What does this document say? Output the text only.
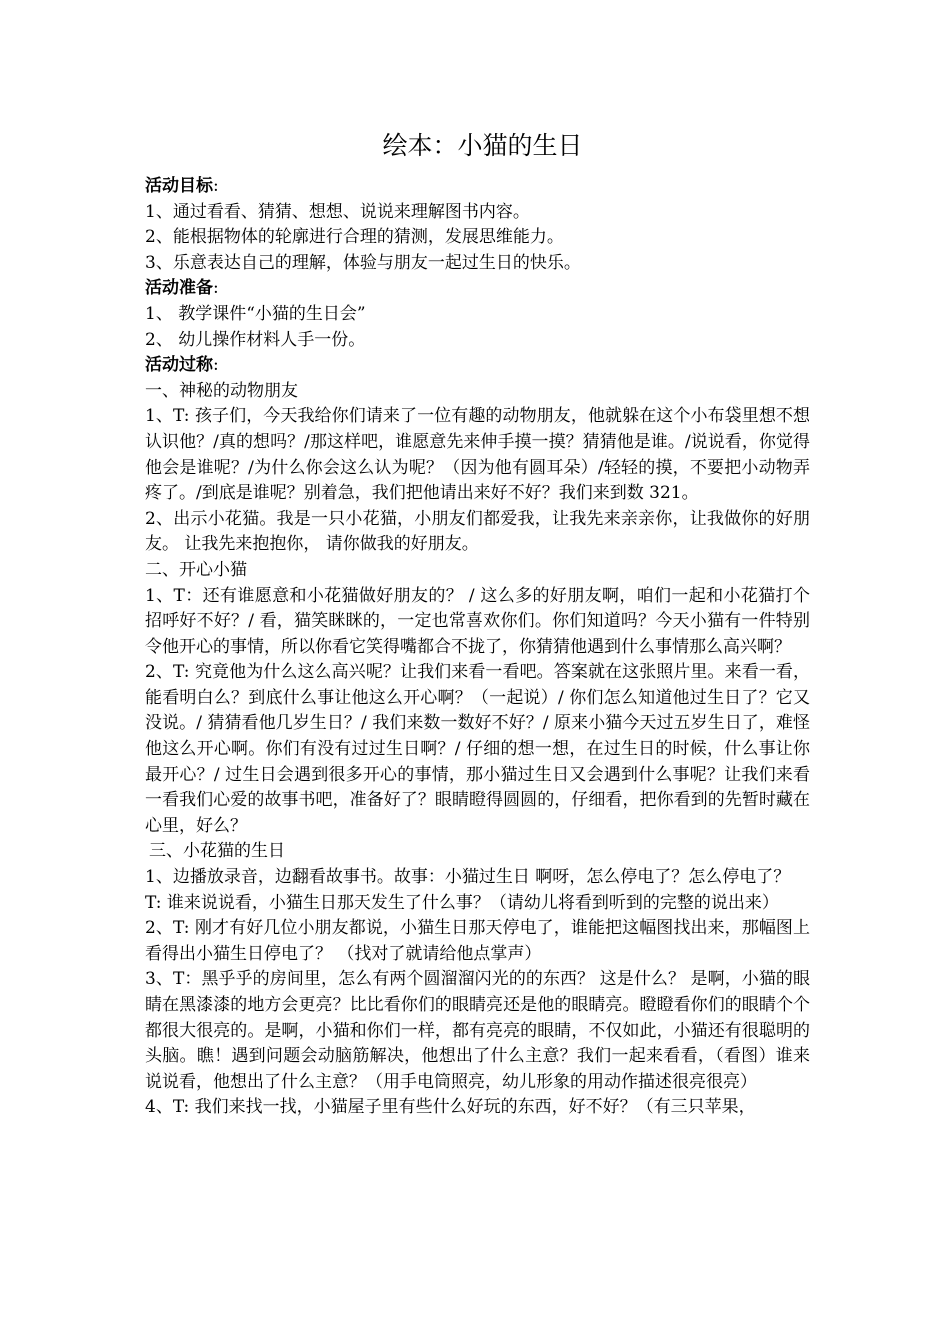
绘本：小猫的生日

活动目标:

1、通过看看、猜猜、想想、说说来理解图书内容。

2、能根据物体的轮廓进行合理的猜测，发展思维能力。

3、乐意表达自己的理解，体验与朋友一起过生日的快乐。

活动准备:

1、 教学课件“小猫的生日会”

2、 幼儿操作材料人手一份。

活动过称:

一、神秘的动物朋友

1、T: 孩子们，今天我给你们请来了一位有趣的动物朋友，他就躲在这个小布袋里想不想认识他？/真的想吗？/那这样吧，谁愿意先来伸手摸一摸？猜猜他是谁。/说说看，你觉得他会是谁呢？/为什么你会这么认为呢？（因为他有圆耳朵）/轻轻的摸，不要把小动物弄疼了。/到底是谁呢？别着急，我们把他请出来好不好？我们来到数 321。

2、出示小花猫。我是一只小花猫，小朋友们都爱我，让我先来亲亲你，让我做你的好朋友。 让我先来抱抱你， 请你做我的好朋友。

二、开心小猫

1、T：还有谁愿意和小花猫做好朋友的？ / 这么多的好朋友啊，咱们一起和小花猫打个招呼好不好？/ 看，猫笑眯眯的，一定也常喜欢你们。你们知道吗？今天小猫有一件特别令他开心的事情，所以你看它笑得嘴都合不拢了，你猜猜他遇到什么事情那么高兴啊？

2、T: 究竟他为什么这么高兴呢？让我们来看一看吧。答案就在这张照片里。来看一看，能看明白么？到底什么事让他这么开心啊？（一起说）/ 你们怎么知道他过生日了？它又没说。/ 猜猜看他几岁生日？/ 我们来数一数好不好？/ 原来小猫今天过五岁生日了，难怪他这么开心啊。你们有没有过过生日啊？/ 仔细的想一想，在过生日的时候，什么事让你最开心？/ 过生日会遇到很多开心的事情，那小猫过生日又会遇到什么事呢？让我们来看一看我们心爱的故事书吧，准备好了？眼睛瞪得圆圆的，仔细看，把你看到的先暂时藏在心里，好么？

三、小花猫的生日

1、边播放录音，边翻看故事书。故事：小猫过生日 啊呀，怎么停电了？怎么停电了？

T: 谁来说说看，小猫生日那天发生了什么事？（请幼儿将看到听到的完整的说出来）

2、T: 刚才有好几位小朋友都说，小猫生日那天停电了，谁能把这幅图找出来，那幅图上看得出小猫生日停电了？ （找对了就请给他点掌声）

3、T：黑乎乎的房间里，怎么有两个圆溜溜闪光的的东西？ 这是什么？ 是啊，小猫的眼睛在黑漆漆的地方会更亮？比比看你们的眼睛亮还是他的眼睛亮。瞪瞪看你们的眼睛个个都很大很亮的。是啊，小猫和你们一样，都有亮亮的眼睛，不仅如此，小猫还有很聪明的头脑。瞧！遇到问题会动脑筋解决，他想出了什么主意？我们一起来看看，（看图）谁来说说看，他想出了什么主意？（用手电筒照亮，幼儿形象的用动作描述很亮很亮）

4、T: 我们来找一找，小猫屋子里有些什么好玩的东西，好不好？（有三只苹果，
